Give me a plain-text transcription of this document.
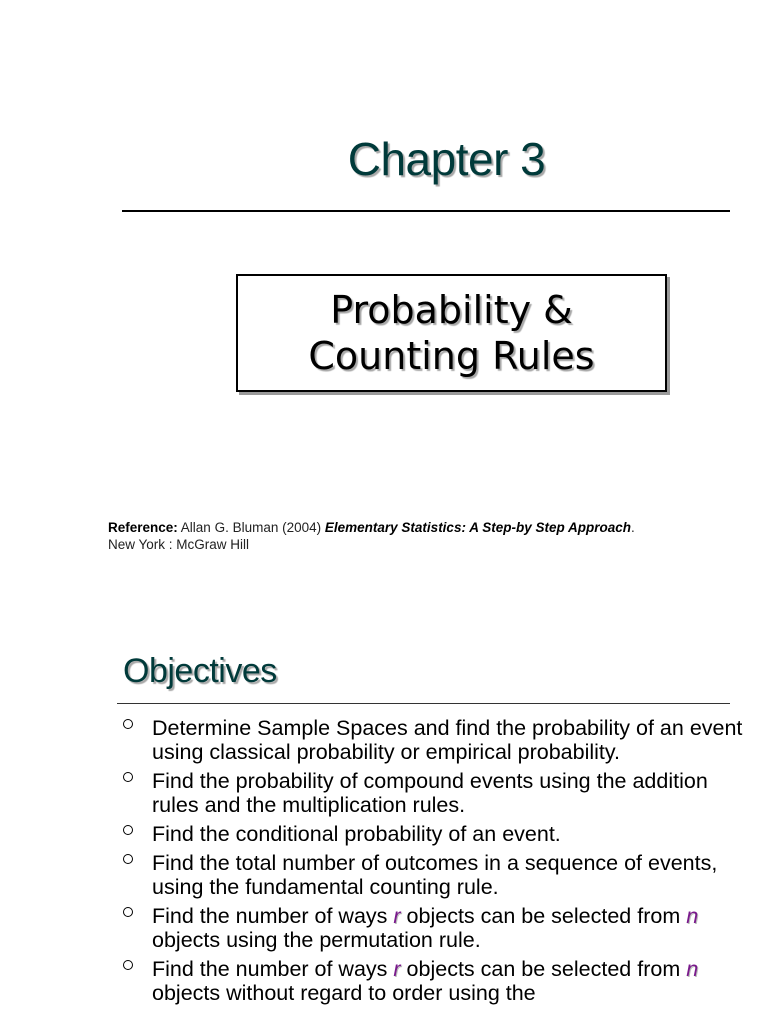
Chapter 3
Probability &
Counting Rules
Reference: Allan G. Bluman (2004) Elementary Statistics: A Step-by Step Approach.
New York : McGraw Hill
Objectives
Determine Sample Spaces and find the probability of an event using classical probability or empirical probability.
Find the probability of compound events using the addition rules and the multiplication rules.
Find the conditional probability of an event.
Find the total number of outcomes in a sequence of events, using the fundamental counting rule.
Find the number of ways r objects can be selected from n objects using the permutation rule.
Find the number of ways r objects can be selected from n objects without regard to order using the
